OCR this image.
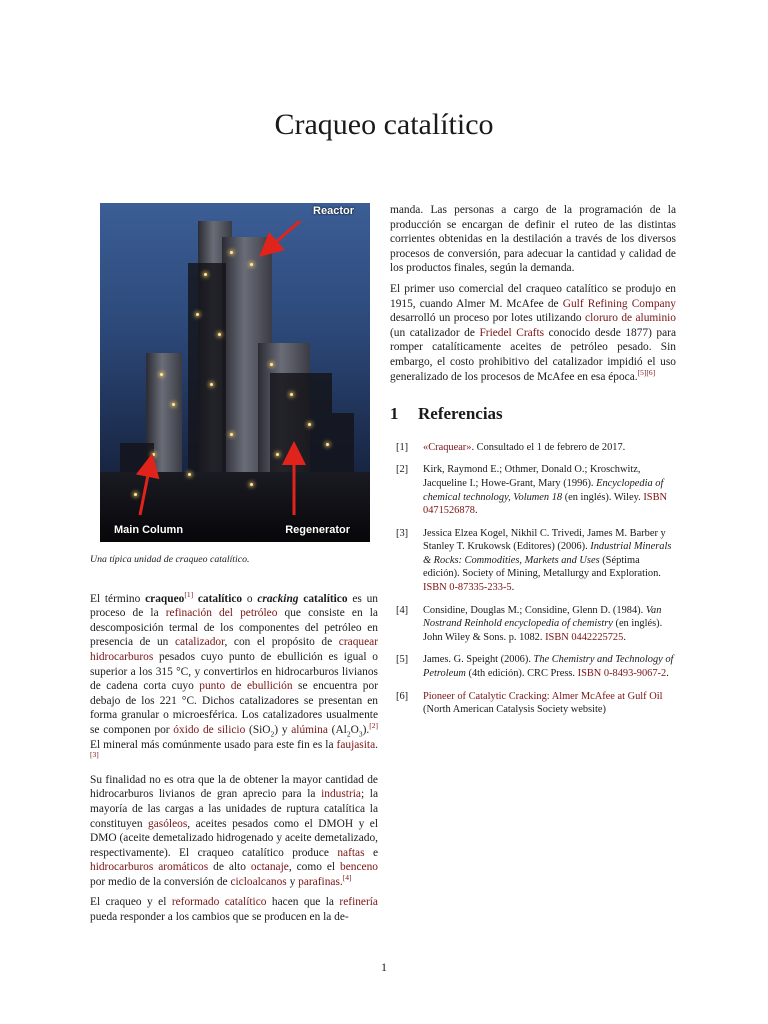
Craqueo catalítico
Reactor
Main Column	Regenerator
Una típica unidad de craqueo catalítico.

El término craqueo[1] catalítico o cracking catalítico es un proceso de la refinación del petróleo que consiste en la descomposición termal de los componentes del petróleo en presencia de un catalizador, con el propósito de craquear hidrocarburos pesados cuyo punto de ebullición es igual o superior a los 315 °C, y convertirlos en hidrocarburos livianos de cadena corta cuyo punto de ebullición se encuentra por debajo de los 221 °C. Dichos catalizadores se presentan en forma granular o microesférica. Los catalizadores usualmente se componen por óxido de silicio (SiO$_2$) y alúmina $(Al_2O_3).[2]$ El mineral más comúnmente usado para este fin es la faujasita.[3]

Su finalidad no es otra que la de obtener la mayor cantidad de hidrocarburos livianos de gran aprecio para la industria; la mayoría de las cargas a las unidades de ruptura catalítica la constituyen gasóleos, aceites pesados como el DMOH y el DMO (aceite demetalizado hidrogenado y aceite demetalizado, respectivamente). El craqueo catalítico produce naftas e hidrocarburos aromáticos de alto octanaje, como el benceno por medio de la conversión de cicloalcanos y parafinas.[4]

El craqueo y el reformado catalítico hacen que la refinería pueda responder a los cambios que se producen en la de-

manda. Las personas a cargo de la programación de la producción se encargan de definir el ruteo de las distintas corrientes obtenidas en la destilación a través de los diversos procesos de conversión, para adecuar la cantidad y calidad de los productos finales, según la demanda.

El primer uso comercial del craqueo catalítico se produjo en 1915, cuando Almer M. McAfee de Gulf Refining Company desarrolló un proceso por lotes utilizando cloruro de aluminio (un catalizador de Friedel Crafts conocido desde 1877) para romper catalíticamente aceites de petróleo pesado. Sin embargo, el costo prohibitivo del catalizador impidió el uso generalizado de los procesos de McAfee en esa época.[5][6]

1 Referencias
[1] «Craquear». Consultado el 1 de febrero de 2017.
[2] Kirk, Raymond E.; Othmer, Donald O.; Kroschwitz, Jacqueline I.; Howe-Grant, Mary (1996). Encyclopedia of chemical technology, Volumen 18 (en inglés). Wiley. ISBN 0471526878.
[3] Jessica Elzea Kogel, Nikhil C. Trivedi, James M. Barber y Stanley T. Krukowsk (Editores) (2006). Industrial Minerals & Rocks: Commodities, Markets and Uses (Séptima edición). Society of Mining, Metallurgy and Exploration. ISBN 0-87335-233-5.
[4] Considine, Douglas M.; Considine, Glenn D. (1984). Van Nostrand Reinhold encyclopedia of chemistry (en inglés). John Wiley & Sons. p. 1082. ISBN 0442225725.
[5] James. G. Speight (2006). The Chemistry and Technology of Petroleum (4th edición). CRC Press. ISBN 0-8493-9067-2.
[6] Pioneer of Catalytic Cracking: Almer McAfee at Gulf Oil (North American Catalysis Society website)
1
